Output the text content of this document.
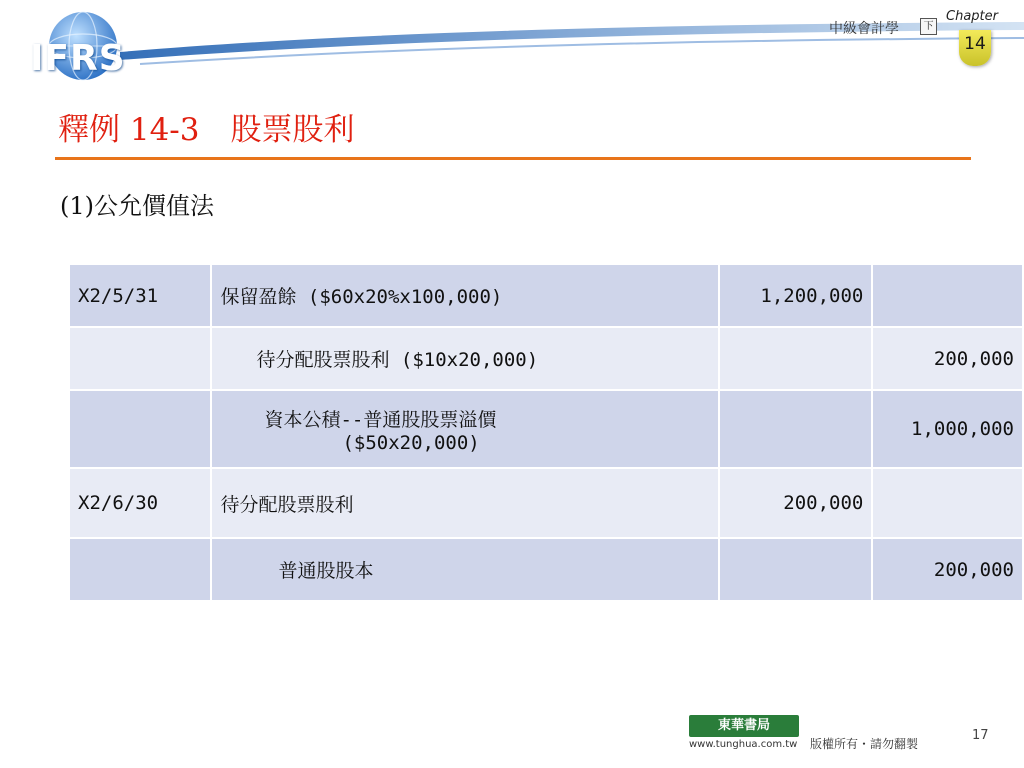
IFRS
中級會計學	下
Chapter
14
釋例 14-3　股票股利
(1)公允價值法
X2/5/31	保留盈餘 ($60x20%x100,000)	1,200,000	
	待分配股票股利 ($10x20,000)		200,000

	資本公積--普通股股票溢價
($50x20,000)		1,000,000
X2/6/30	待分配股票股利	200,000	
	普通股股本		200,000
東華書局
www.tunghua.com.tw 版權所有・請勿翻製
17
